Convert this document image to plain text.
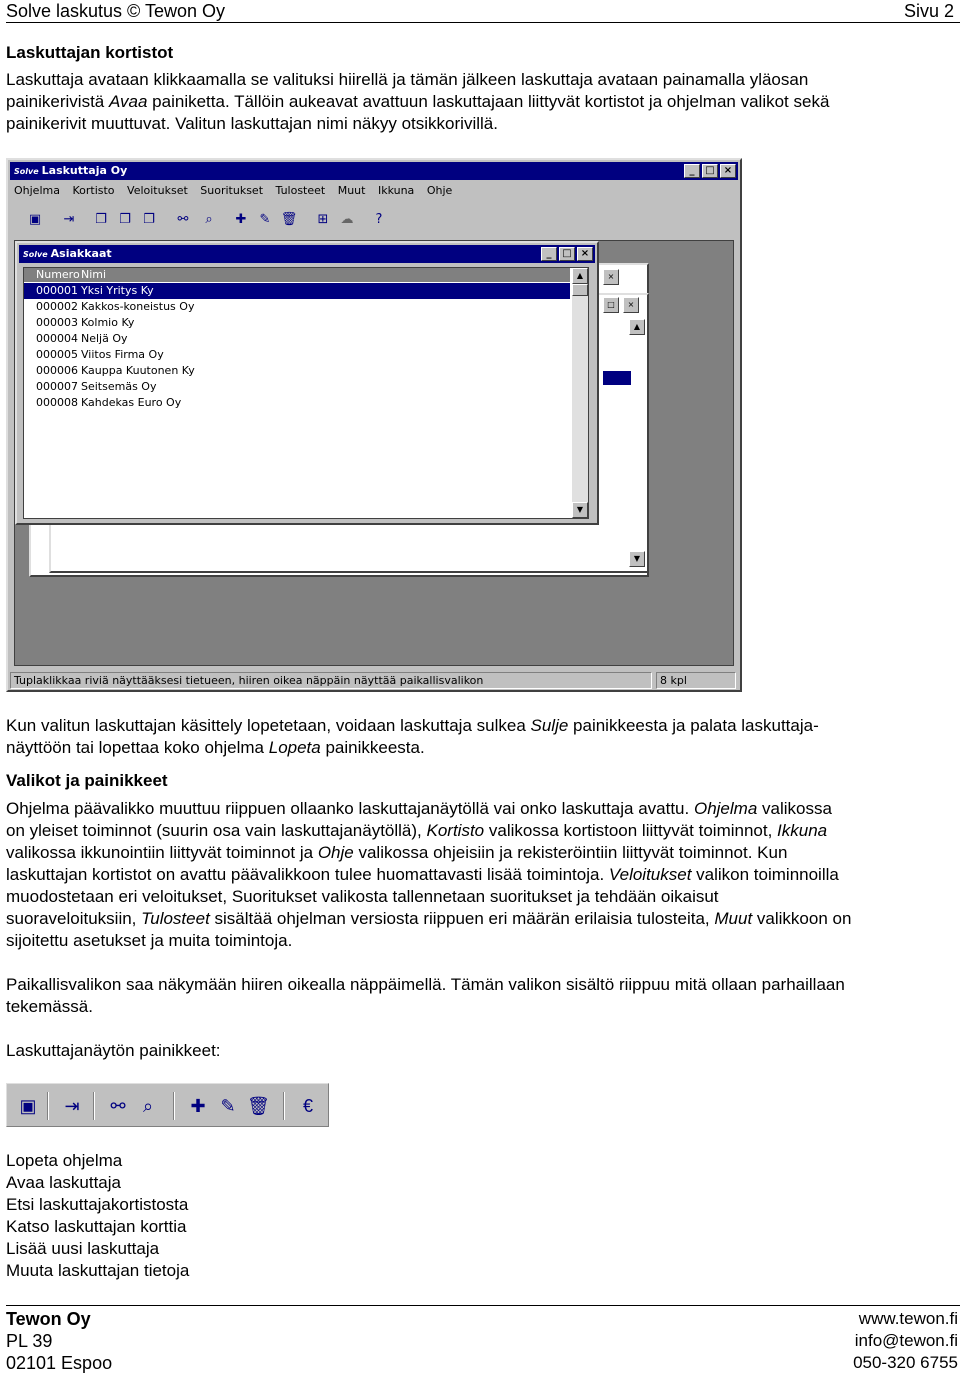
Solve laskutus © Tewon Oy	Sivu 2
Laskuttajan kortistot
Laskuttaja avataan klikkaamalla se valituksi hiirellä ja tämän jälkeen laskuttaja avataan painamalla yläosan
painikerivistä Avaa painiketta. Tällöin aukeavat avattuun laskuttajaan liittyvät kortistot ja ohjelman valikot sekä
painikerivit muuttuvat. Valitun laskuttajan nimi näkyy otsikkorivillä.
Solve Laskuttaja Oy	_	□ ×
Ohjelma Kortisto Veloitukset Suoritukset Tulosteet Muut Ikkuna Ohje
▣ ⇥ ❐ ❐ ❐ ⚯	⌕	✚ ✎ 🗑 ⊞ ☁	?
×
□	×
▲
▼
Solve Asiakkaat	_	□ ×
NumeroNimi
000001 Yksi Yritys Ky
000002 Kakkos-koneistus Oy
000003 Kolmio Ky
000004 Neljä Oy
000005 Viitos Firma Oy
000006 Kauppa Kuutonen Ky
000007 Seitsemäs Oy
000008 Kahdekas Euro Oy
▲
▼
Tuplaklikkaa riviä näyttääksesi tietueen, hiiren oikea näppäin näyttää paikallisvalikon	8 kpl
Kun valitun laskuttajan käsittely lopetetaan, voidaan laskuttaja sulkea Sulje painikkeesta ja palata laskuttaja-
näyttöön tai lopettaa koko ohjelma Lopeta painikkeesta.
Valikot ja painikkeet
Ohjelma päävalikko muuttuu riippuen ollaanko laskuttajanäytöllä vai onko laskuttaja avattu. Ohjelma valikossa
on yleiset toiminnot (suurin osa vain laskuttajanäytöllä), Kortisto valikossa kortistoon liittyvät toiminnot, Ikkuna
valikossa ikkunointiin liittyvät toiminnot ja Ohje valikossa ohjeisiin ja rekisteröintiin liittyvät toiminnot. Kun
laskuttajan kortistot on avattu päävalikkoon tulee huomattavasti lisää toimintoja. Veloitukset valikon toiminnoilla
muodostetaan eri veloitukset, Suoritukset valikosta tallennetaan suoritukset ja tehdään oikaisut
suoraveloituksiin, Tulosteet sisältää ohjelman versiosta riippuen eri määrän erilaisia tulosteita, Muut valikkoon on
sijoitettu asetukset ja muita toimintoja.
Paikallisvalikon saa näkymään hiiren oikealla näppäimellä. Tämän valikon sisältö riippuu mitä ollaan parhaillaan
tekemässä.
Laskuttajanäytön painikkeet:
▣ ⇥ ⚯ ⌕	✚ ✎ 🗑	€
Lopeta ohjelma
Avaa laskuttaja
Etsi laskuttajakortistosta
Katso laskuttajan korttia
Lisää uusi laskuttaja
Muuta laskuttajan tietoja
Tewon Oy
PL 39
02101 Espoo
www.tewon.fi
info@tewon.fi
050-320 6755
